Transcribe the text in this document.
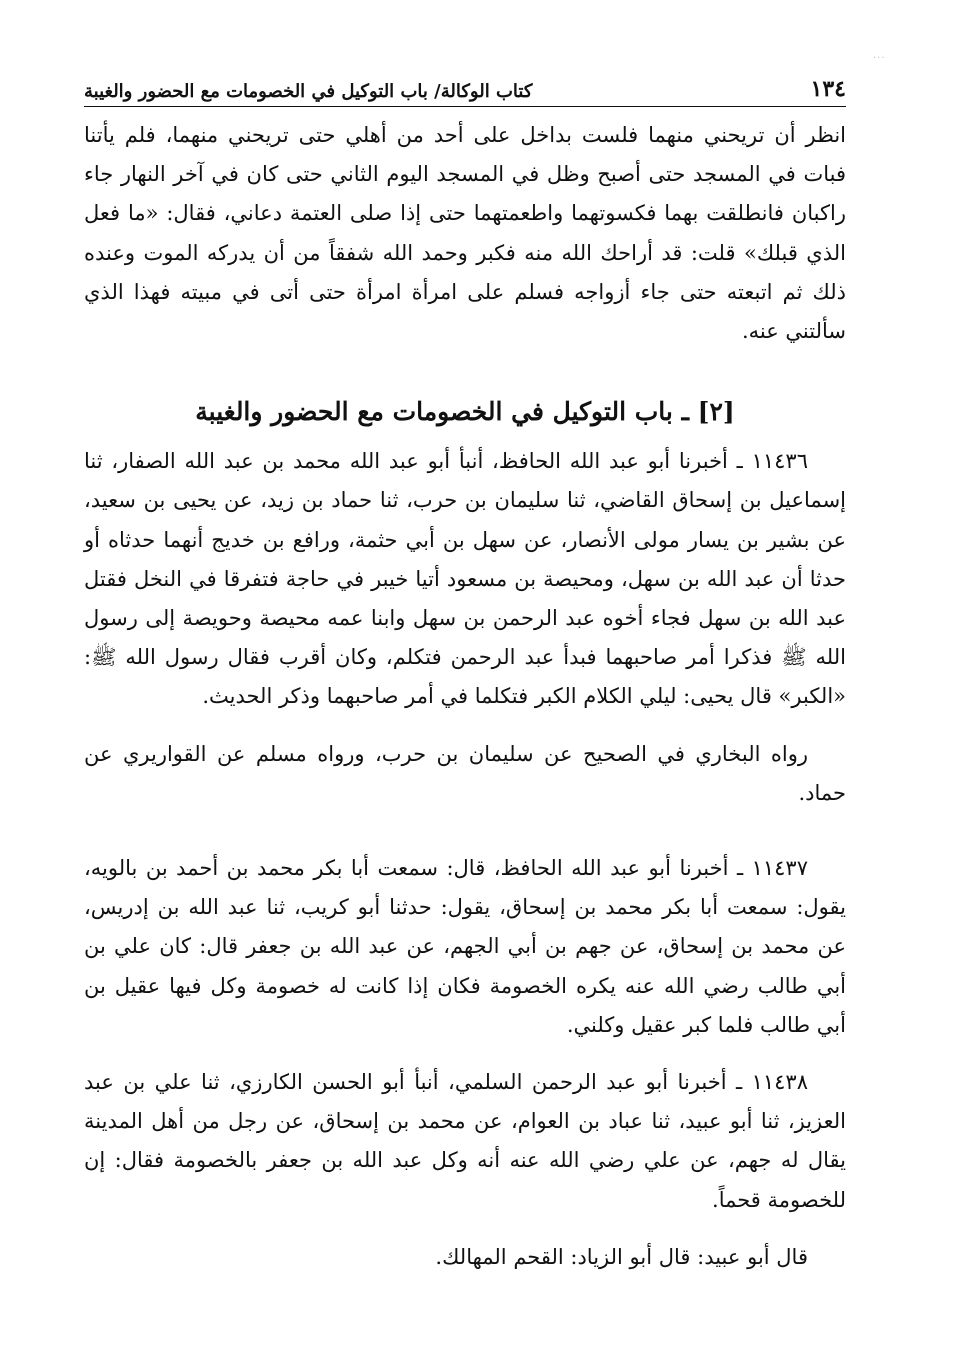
···
١٣٤
كتاب الوكالة/ باب التوكيل في الخصومات مع الحضور والغيبة

انظر أن تريحني منهما فلست بداخل على أحد من أهلي حتى تريحني منهما، فلم يأتنا فبات في المسجد حتى أصبح وظل في المسجد اليوم الثاني حتى كان في آخر النهار جاء راكبان فانطلقت بهما فكسوتهما واطعمتهما حتى إذا صلى العتمة دعاني، فقال: «ما فعل الذي قبلك» قلت: قد أراحك الله منه فكبر وحمد الله شفقاً من أن يدركه الموت وعنده ذلك ثم اتبعته حتى جاء أزواجه فسلم على امرأة امرأة حتى أتى في مبيته فهذا الذي سألتني عنه.

[٢] ـ باب التوكيل في الخصومات مع الحضور والغيبة

١١٤٣٦ ـ أخبرنا أبو عبد الله الحافظ، أنبأ أبو عبد الله محمد بن عبد الله الصفار، ثنا إسماعيل بن إسحاق القاضي، ثنا سليمان بن حرب، ثنا حماد بن زيد، عن يحيى بن سعيد، عن بشير بن يسار مولى الأنصار، عن سهل بن أبي حثمة، ورافع بن خديج أنهما حدثاه أو حدثا أن عبد الله بن سهل، ومحيصة بن مسعود أتيا خيبر في حاجة فتفرقا في النخل فقتل عبد الله بن سهل فجاء أخوه عبد الرحمن بن سهل وابنا عمه محيصة وحويصة إلى رسول الله ﷺ فذكرا أمر صاحبهما فبدأ عبد الرحمن فتكلم، وكان أقرب فقال رسول الله ﷺ: «الكبر» قال يحيى: ليلي الكلام الكبر فتكلما في أمر صاحبهما وذكر الحديث.

رواه البخاري في الصحيح عن سليمان بن حرب، ورواه مسلم عن القواريري عن حماد.

١١٤٣٧ ـ أخبرنا أبو عبد الله الحافظ، قال: سمعت أبا بكر محمد بن أحمد بن بالويه، يقول: سمعت أبا بكر محمد بن إسحاق، يقول: حدثنا أبو كريب، ثنا عبد الله بن إدريس، عن محمد بن إسحاق، عن جهم بن أبي الجهم، عن عبد الله بن جعفر قال: كان علي بن أبي طالب رضي الله عنه يكره الخصومة فكان إذا كانت له خصومة وكل فيها عقيل بن أبي طالب فلما كبر عقيل وكلني.

١١٤٣٨ ـ أخبرنا أبو عبد الرحمن السلمي، أنبأ أبو الحسن الكارزي، ثنا علي بن عبد العزيز، ثنا أبو عبيد، ثنا عباد بن العوام، عن محمد بن إسحاق، عن رجل من أهل المدينة يقال له جهم، عن علي رضي الله عنه أنه وكل عبد الله بن جعفر بالخصومة فقال: إن للخصومة قحماً.

قال أبو عبيد: قال أبو الزياد: القحم المهالك.
